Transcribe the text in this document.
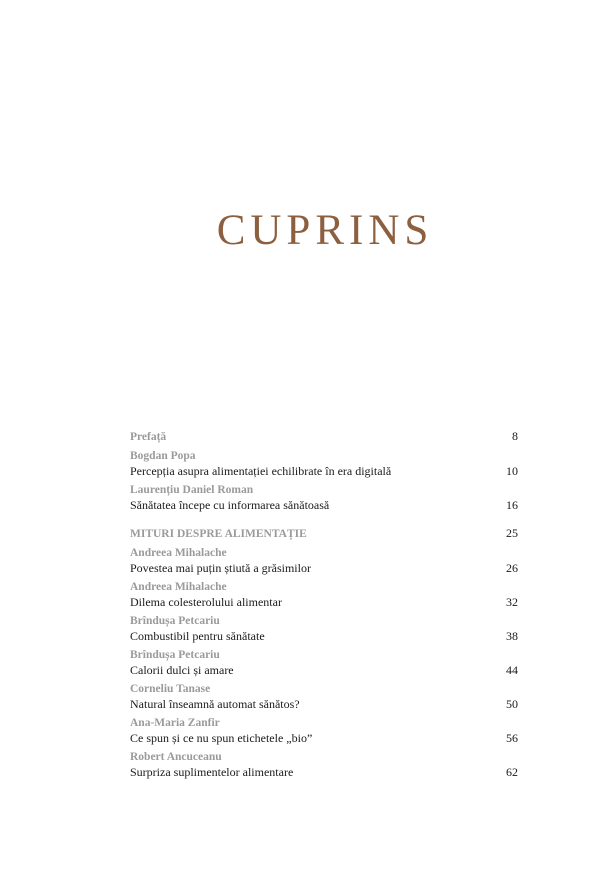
CUPRINS
Prefață	8
Bogdan Popa
Percepția asupra alimentației echilibrate în era digitală	10
Laurențiu Daniel Roman
Sănătatea începe cu informarea sănătoasă	16
MITURI DESPRE ALIMENTAȚIE	25
Andreea Mihalache
Povestea mai puțin știută a grăsimilor	26
Andreea Mihalache
Dilema colesterolului alimentar	32
Brîndușa Petcariu
Combustibil pentru sănătate	38
Brîndușa Petcariu
Calorii dulci și amare	44
Corneliu Tanase
Natural înseamnă automat sănătos?	50
Ana-Maria Zanfir
Ce spun și ce nu spun etichetele „bio”	56
Robert Ancuceanu
Surpriza suplimentelor alimentare	62
